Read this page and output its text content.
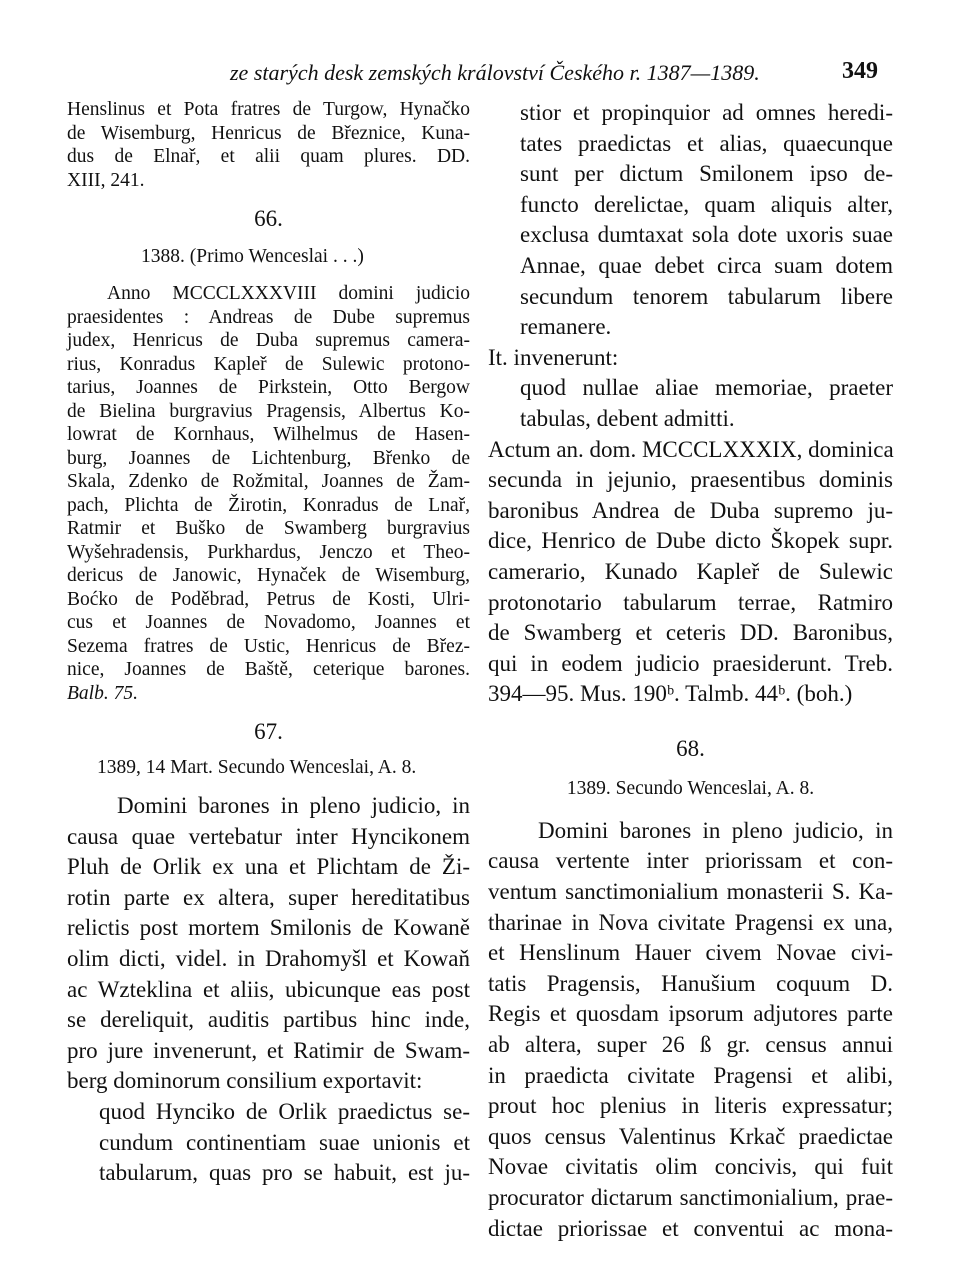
ze starých desk zemských království Českého r. 1387—1389.	349
Henslinus et Pota fratres de Turgow, Hynačko
de Wisemburg, Henricus de Březnice, Kuna-
dus de Elnař, et alii quam plures. DD.
XIII, 241.
66.
1388. (Primo Wenceslai . . .)
Anno MCCCLXXXVIII domini judicio
praesidentes : Andreas de Dube supremus
judex, Henricus de Duba supremus camera-
rius, Konradus Kapleř de Sulewic protono-
tarius, Joannes de Pirkstein, Otto Bergow
de Bielina burgravius Pragensis, Albertus Ko-
lowrat de Kornhaus, Wilhelmus de Hasen-
burg, Joannes de Lichtenburg, Břenko de
Skala, Zdenko de Rožmital, Joannes de Žam-
pach, Plichta de Žirotin, Konradus de Lnař,
Ratmir et Buško de Swamberg burgravius
Wyšehradensis, Purkhardus, Jenczo et Theo-
dericus de Janowic, Hynaček de Wisemburg,
Boćko de Poděbrad, Petrus de Kosti, Ulri-
cus et Joannes de Novadomo, Joannes et
Sezema fratres de Ustic, Henricus de Břez-
nice, Joannes de Baště, ceterique barones.
Balb. 75.
67.
1389, 14 Mart. Secundo Wenceslai, A. 8.
Domini barones in pleno judicio, in
causa quae vertebatur inter Hyncikonem
Pluh de Orlik ex una et Plichtam de Ži-
rotin parte ex altera, super hereditatibus
relictis post mortem Smilonis de Kowaně
olim dicti, videl. in Drahomyšl et Kowaň
ac Wzteklina et aliis, ubicunque eas post
se dereliquit, auditis partibus hinc inde,
pro jure invenerunt, et Ratimir de Swam-
berg dominorum consilium exportavit:
quod Hynciko de Orlik praedictus se-
cundum continentiam suae unionis et
tabularum, quas pro se habuit, est ju-
stior et propinquior ad omnes heredi-
tates praedictas et alias, quaecunque
sunt per dictum Smilonem ipso de-
functo derelictae, quam aliquis alter,
exclusa dumtaxat sola dote uxoris suae
Annae, quae debet circa suam dotem
secundum tenorem tabularum libere
remanere.
It. invenerunt:
quod nullae aliae memoriae, praeter
tabulas, debent admitti.
Actum an. dom. MCCCLXXXIX, dominica
secunda in jejunio, praesentibus dominis
baronibus Andrea de Duba supremo ju-
dice, Henrico de Dube dicto Škopek supr.
camerario, Kunado Kapleř de Sulewic
protonotario tabularum terrae, Ratmiro
de Swamberg et ceteris DD. Baronibus,
qui in eodem judicio praesiderunt. Treb.
394—95. Mus. 190ᵇ. Talmb. 44ᵇ. (boh.)
68.
1389. Secundo Wenceslai, A. 8.
Domini barones in pleno judicio, in
causa vertente inter priorissam et con-
ventum sanctimonialium monasterii S. Ka-
tharinae in Nova civitate Pragensi ex una,
et Henslinum Hauer civem Novae civi-
tatis Pragensis, Hanušium coquum D.
Regis et quosdam ipsorum adjutores parte
ab altera, super 26 ß gr. census annui
in praedicta civitate Pragensi et alibi,
prout hoc plenius in literis expressatur;
quos census Valentinus Krkač praedictae
Novae civitatis olim concivis, qui fuit
procurator dictarum sanctimonialium, prae-
dictae priorissae et conventui ac mona-
